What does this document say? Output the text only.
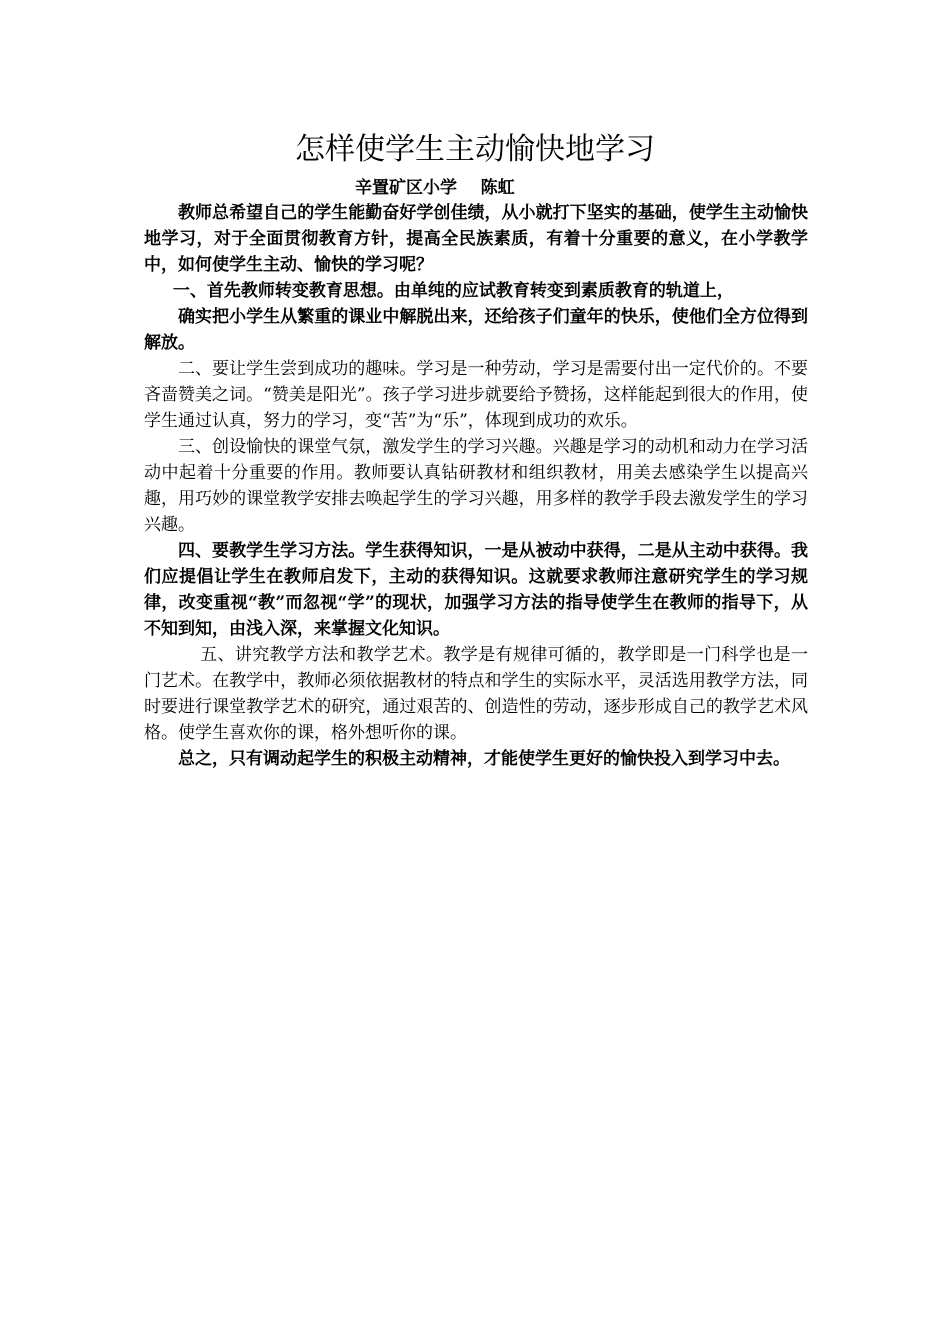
怎样使学生主动愉快地学习

辛置矿区小学    陈虹

教师总希望自己的学生能勤奋好学创佳绩，从小就打下坚实的基础，使学生主动愉快地学习，对于全面贯彻教育方针，提高全民族素质，有着十分重要的意义，在小学教学中，如何使学生主动、愉快的学习呢？

一、首先教师转变教育思想。由单纯的应试教育转变到素质教育的轨道上，

确实把小学生从繁重的课业中解脱出来，还给孩子们童年的快乐，使他们全方位得到解放。

二、要让学生尝到成功的趣味。学习是一种劳动，学习是需要付出一定代价的。不要吝啬赞美之词。“赞美是阳光”。孩子学习进步就要给予赞扬，这样能起到很大的作用，使学生通过认真，努力的学习，变“苦”为“乐”，体现到成功的欢乐。

三、创设愉快的课堂气氛，激发学生的学习兴趣。兴趣是学习的动机和动力在学习活动中起着十分重要的作用。教师要认真钻研教材和组织教材，用美去感染学生以提高兴趣，用巧妙的课堂教学安排去唤起学生的学习兴趣，用多样的教学手段去激发学生的学习兴趣。

四、要教学生学习方法。学生获得知识，一是从被动中获得，二是从主动中获得。我们应提倡让学生在教师启发下，主动的获得知识。这就要求教师注意研究学生的学习规律，改变重视“教”而忽视“学”的现状，加强学习方法的指导使学生在教师的指导下，从不知到知，由浅入深，来掌握文化知识。

五、讲究教学方法和教学艺术。教学是有规律可循的，教学即是一门科学也是一门艺术。在教学中，教师必须依据教材的特点和学生的实际水平，灵活选用教学方法，同时要进行课堂教学艺术的研究，通过艰苦的、创造性的劳动，逐步形成自己的教学艺术风格。使学生喜欢你的课，格外想听你的课。

总之，只有调动起学生的积极主动精神，才能使学生更好的愉快投入到学习中去。
